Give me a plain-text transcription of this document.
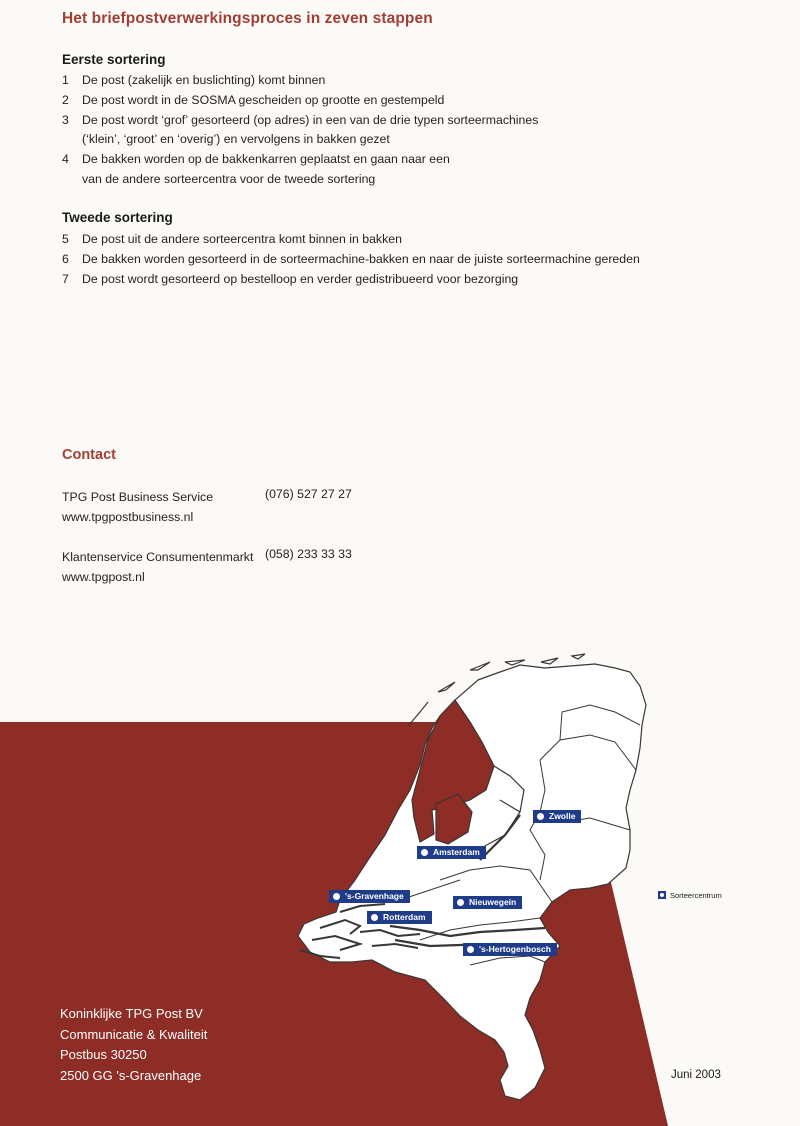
Het briefpostverwerkingsproces in zeven stappen
Eerste sortering
1	De post (zakelijk en buslichting) komt binnen
2	De post wordt in de SOSMA gescheiden op grootte en gestempeld
3	De post wordt ‘grof’ gesorteerd (op adres) in een van de drie typen sorteermachines
(‘klein’, ‘groot’ en ‘overig’) en vervolgens in bakken gezet
4	De bakken worden op de bakkenkarren geplaatst en gaan naar een
van de andere sorteercentra voor de tweede sortering
Tweede sortering
5	De post uit de andere sorteercentra komt binnen in bakken
6	De bakken worden gesorteerd in de sorteermachine-bakken en naar de juiste sorteermachine gereden
7	De post wordt gesorteerd op bestelloop en verder gedistribueerd voor bezorging
Contact
TPG Post Business Service	(076) 527 27 27
www.tpgpostbusiness.nl
Klantenservice Consumentenmarkt (058) 233 33 33
www.tpgpost.nl
Zwolle
Amsterdam
's-Gravenhage
Nieuwegein
Rotterdam
's-Hertogenbosch
Sorteercentrum
Koninklijke TPG Post BV
Communicatie & Kwaliteit
Postbus 30250
2500 GG 's-Gravenhage	Juni 2003
